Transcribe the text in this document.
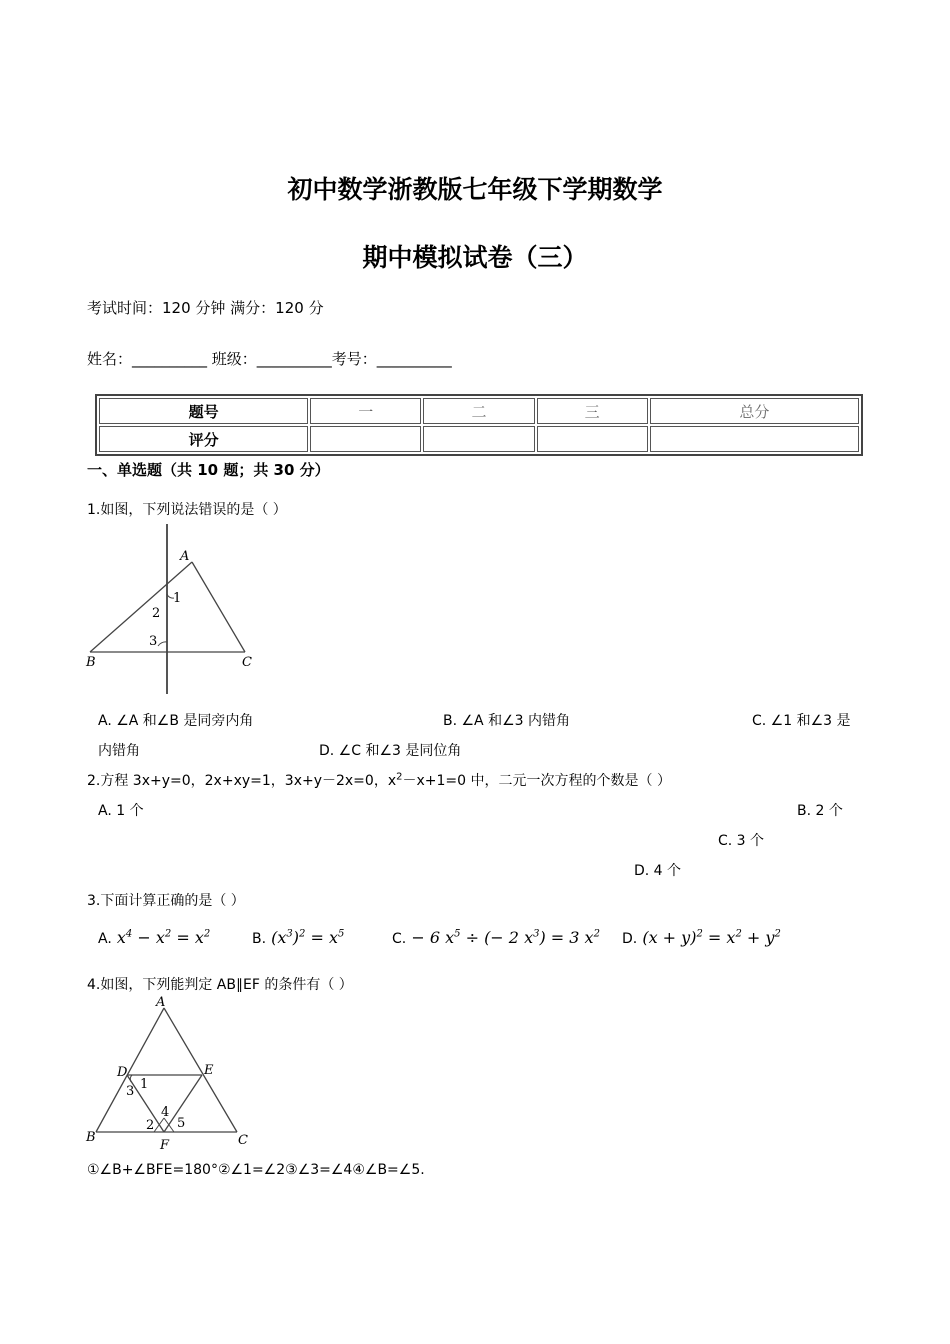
初中数学浙教版七年级下学期数学
期中模拟试卷（三）
考试时间：120 分钟 满分：120 分
姓名：__________ 班级：__________考号：__________
题号	一	二	三	总分
评分				
一、单选题（共 10 题；共 30 分）
1.如图，下列说法错误的是（ ）
A
B	C
1
2
3
A. ∠A 和∠B 是同旁内角	B. ∠A 和∠3 内错角	C. ∠1 和∠3 是
内错角	D. ∠C 和∠3 是同位角
2.方程 3x+y=0，2x+xy=1，3x+y－2x=0，$x^2-x+1=0$ 中，二元一次方程的个数是（ ）
A. 1 个	B. 2 个
C. 3 个
D. 4 个
3.下面计算正确的是（ ）
A. $x^4 - x^2 = x^2$	B. $(x^3)^2 = x^5$	C. − 6 $x^5$ ÷ (− 2 $x^3) = 3$ $x^2$ D. $(x + y)^2 = x^2 + y^2$
4.如图，下列能判定 AB∥EF 的条件有（ ）
A
B	C
D	E
F
1
2
3
4
5
①∠B+∠BFE=180°②∠1=∠2③∠3=∠4④∠B=∠5.
